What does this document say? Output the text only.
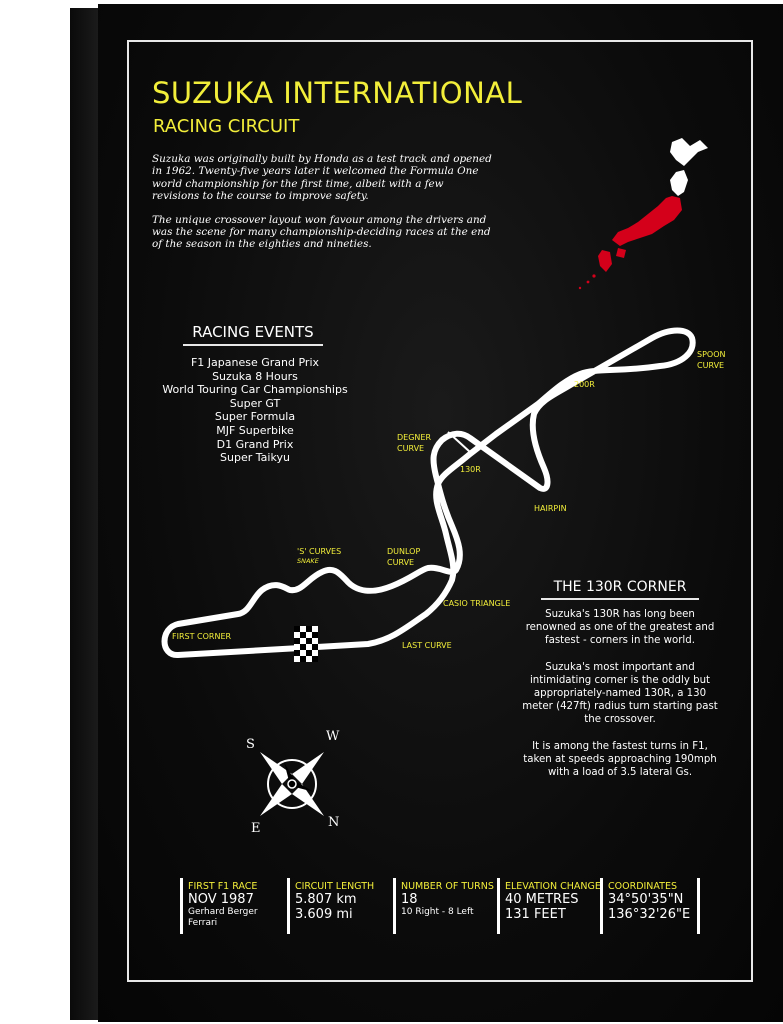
SUZUKA INTERNATIONAL
RACING CIRCUIT

Suzuka was originally built by Honda as a test track and opened in 1962. Twenty-five years later it welcomed the Formula One world championship for the first time, albeit with a few revisions to the course to improve safety.

The unique crossover layout won favour among the drivers and was the scene for many championship-deciding races at the end of the season in the eighties and nineties.

RACING EVENTS
F1 Japanese Grand Prix
Suzuka 8 Hours
World Touring Car Championships
Super GT
Super Formula
MJF Superbike
D1 Grand Prix
Super Taikyu
SPOON
CURVE
200R
DEGNER
CURVE
130R
HAIRPIN
'S' CURVES
SNAKE
DUNLOP
CURVE
CASIO TRIANGLE
FIRST CORNER
LAST CURVE
S
W
E	N
THE 130R CORNER

Suzuka's 130R has long been renowned as one of the greatest and fastest - corners in the world.

Suzuka's most important and intimidating corner is the oddly but appropriately-named 130R, a 130 meter (427ft) radius turn starting past the crossover.

It is among the fastest turns in F1, taken at speeds approaching 190mph with a load of 3.5 lateral Gs.

FIRST F1 RACE
NOV 1987
Gerhard Berger
Ferrari
CIRCUIT LENGTH
5.807 km
3.609 mi
NUMBER OF TURNS
18
10 Right - 8 Left
ELEVATION CHANGE
40 METRES
131 FEET
COORDINATES
34°50'35"N
136°32'26"E
